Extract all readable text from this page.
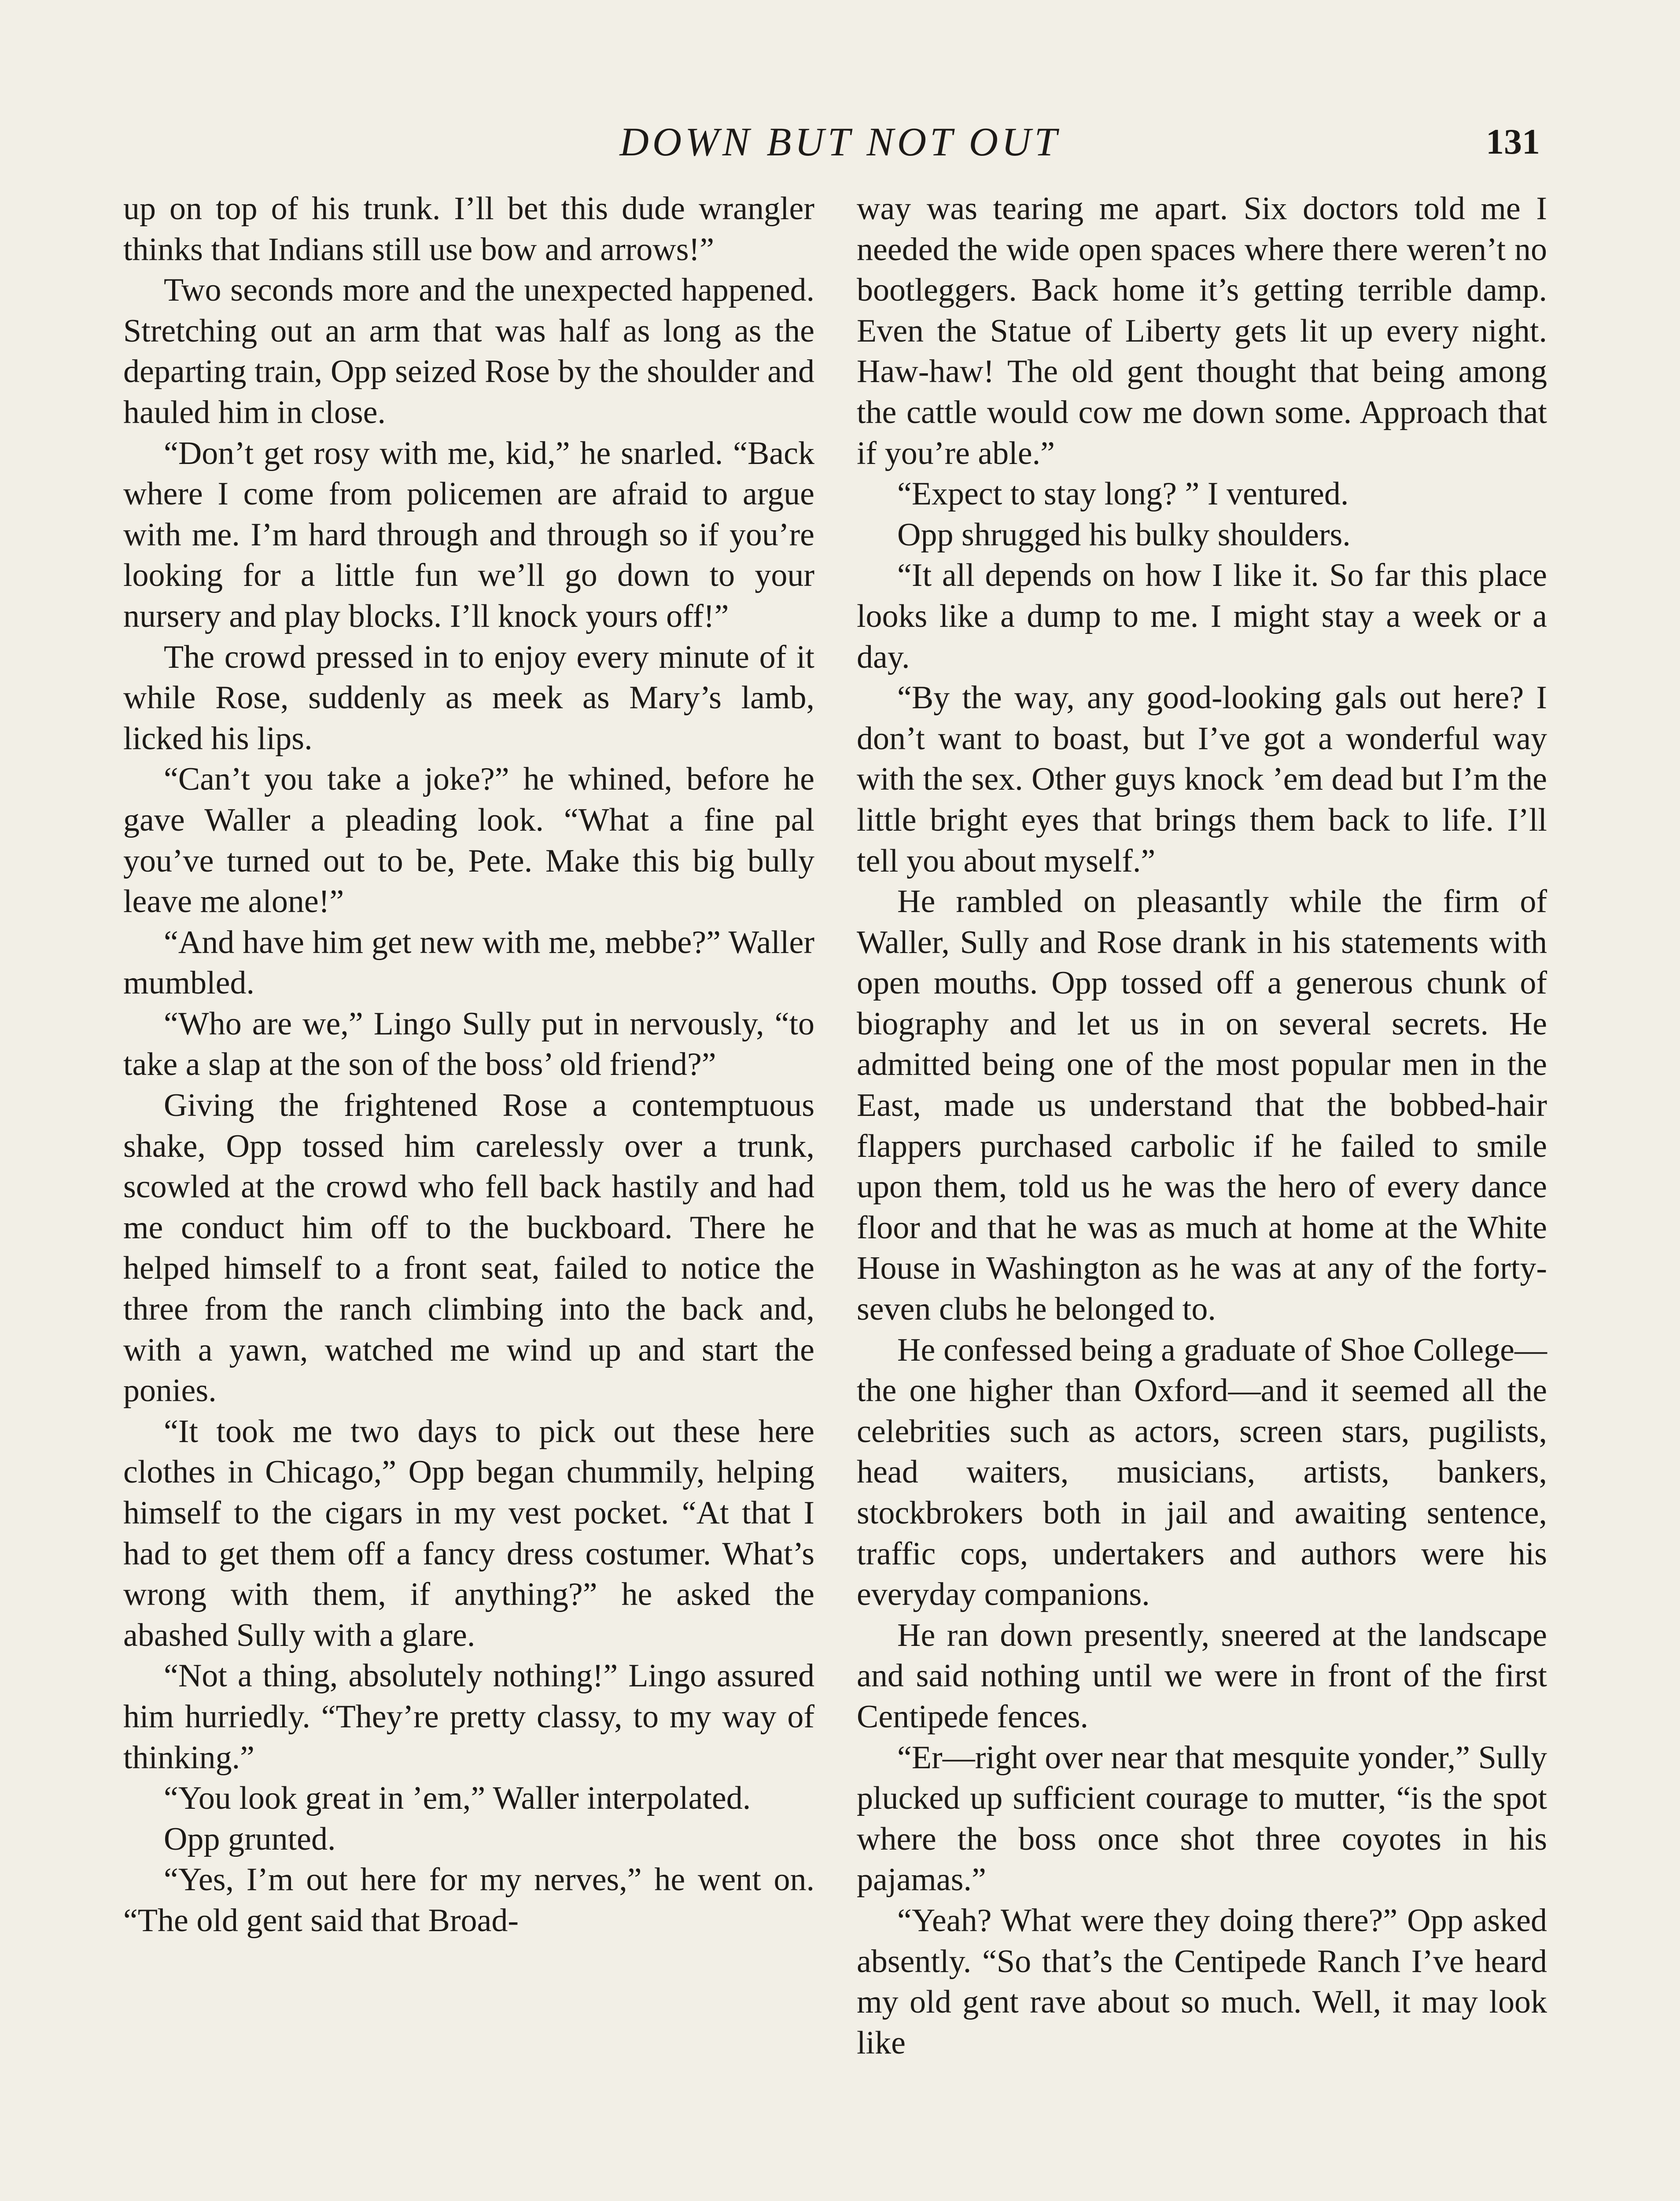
DOWN BUT NOT OUT	131

up on top of his trunk. I’ll bet this dude wrangler thinks that Indians still use bow and arrows!”

Two seconds more and the unexpected happened. Stretching out an arm that was half as long as the departing train, Opp seized Rose by the shoulder and hauled him in close.

“Don’t get rosy with me, kid,” he snarled. “Back where I come from policemen are afraid to argue with me. I’m hard through and through so if you’re looking for a little fun we’ll go down to your nursery and play blocks. I’ll knock yours off!”

The crowd pressed in to enjoy every minute of it while Rose, suddenly as meek as Mary’s lamb, licked his lips.

“Can’t you take a joke?” he whined, before he gave Waller a pleading look. “What a fine pal you’ve turned out to be, Pete. Make this big bully leave me alone!”

“And have him get new with me, mebbe?” Waller mumbled.

“Who are we,” Lingo Sully put in nervously, “to take a slap at the son of the boss’ old friend?”

Giving the frightened Rose a contemptuous shake, Opp tossed him carelessly over a trunk, scowled at the crowd who fell back hastily and had me conduct him off to the buckboard. There he helped himself to a front seat, failed to notice the three from the ranch climbing into the back and, with a yawn, watched me wind up and start the ponies.

“It took me two days to pick out these here clothes in Chicago,” Opp began chummily, helping himself to the cigars in my vest pocket. “At that I had to get them off a fancy dress costumer. What’s wrong with them, if anything?” he asked the abashed Sully with a glare.

“Not a thing, absolutely nothing!” Lingo assured him hurriedly. “They’re pretty classy, to my way of thinking.”

“You look great in ’em,” Waller interpolated.

Opp grunted.

“Yes, I’m out here for my nerves,” he went on. “The old gent said that Broad-

way was tearing me apart. Six doctors told me I needed the wide open spaces where there weren’t no bootleggers. Back home it’s getting terrible damp. Even the Statue of Liberty gets lit up every night. Haw-haw! The old gent thought that being among the cattle would cow me down some. Approach that if you’re able.”

“Expect to stay long? ” I ventured.

Opp shrugged his bulky shoulders.

“It all depends on how I like it. So far this place looks like a dump to me. I might stay a week or a day.

“By the way, any good-looking gals out here? I don’t want to boast, but I’ve got a wonderful way with the sex. Other guys knock ’em dead but I’m the little bright eyes that brings them back to life. I’ll tell you about myself.”

He rambled on pleasantly while the firm of Waller, Sully and Rose drank in his statements with open mouths. Opp tossed off a generous chunk of biography and let us in on several secrets. He admitted being one of the most popular men in the East, made us understand that the bobbed-hair flappers purchased carbolic if he failed to smile upon them, told us he was the hero of every dance floor and that he was as much at home at the White House in Washington as he was at any of the forty-seven clubs he belonged to.

He confessed being a graduate of Shoe College—the one higher than Oxford—and it seemed all the celebrities such as actors, screen stars, pugilists, head waiters, musicians, artists, bankers, stockbrokers both in jail and awaiting sentence, traffic cops, undertakers and authors were his everyday companions.

He ran down presently, sneered at the landscape and said nothing until we were in front of the first Centipede fences.

“Er—right over near that mesquite yonder,” Sully plucked up sufficient courage to mutter, “is the spot where the boss once shot three coyotes in his pajamas.”

“Yeah? What were they doing there?” Opp asked absently. “So that’s the Centipede Ranch I’ve heard my old gent rave about so much. Well, it may look like
